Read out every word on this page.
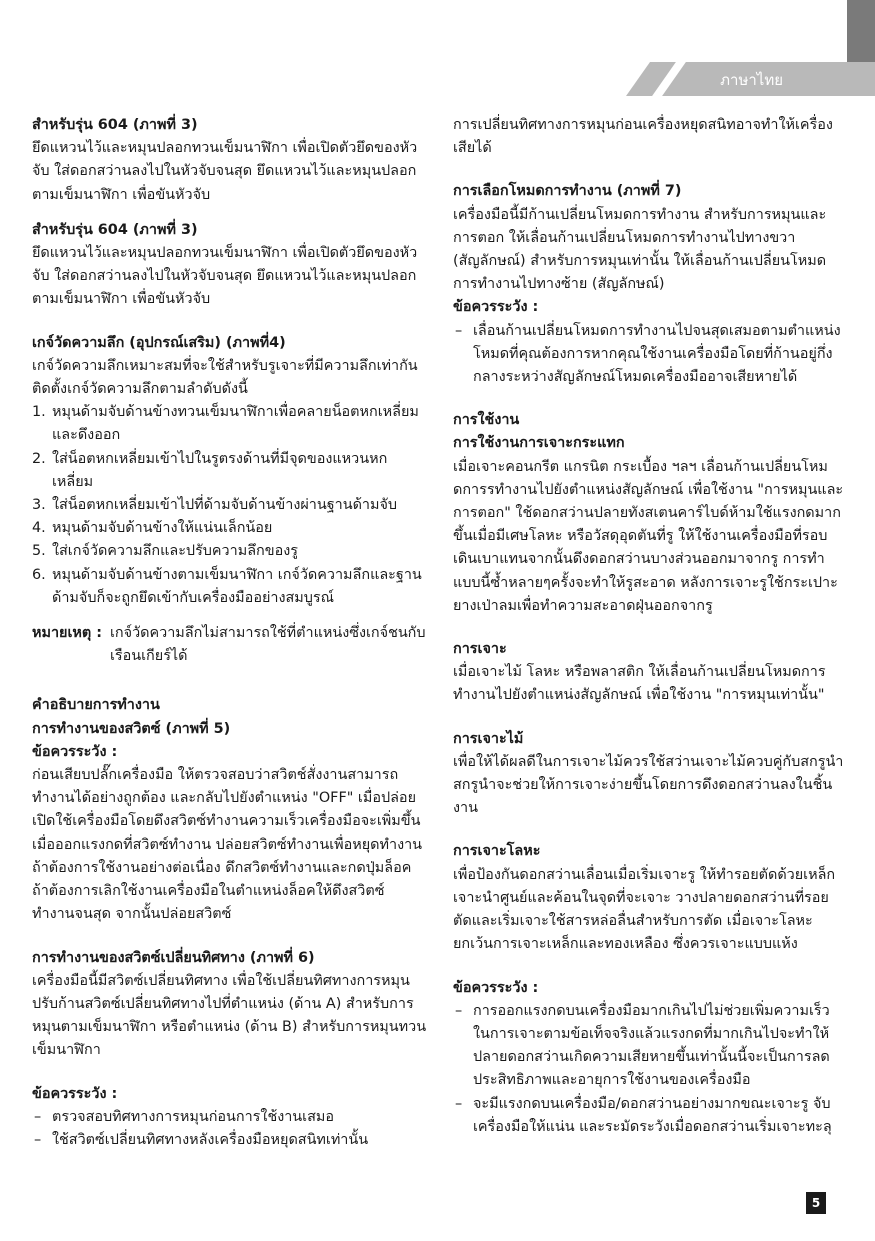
ภาษาไทย

สำหรับรุ่น 604 (ภาพที่ 3)

ยึดแหวนไว้และหมุนปลอกทวนเข็มนาฬิกา เพื่อเปิดตัวยึดของหัวจับ ใส่ดอกสว่านลงไปในหัวจับจนสุด ยึดแหวนไว้และหมุนปลอกตามเข็มนาฬิกา เพื่อขันหัวจับ

สำหรับรุ่น 604 (ภาพที่ 3)

ยึดแหวนไว้และหมุนปลอกทวนเข็มนาฬิกา เพื่อเปิดตัวยึดของหัวจับ ใส่ดอกสว่านลงไปในหัวจับจนสุด ยึดแหวนไว้และหมุนปลอกตามเข็มนาฬิกา เพื่อขันหัวจับ

เกจ์วัดความลึก (อุปกรณ์เสริม) (ภาพที่4)

เกจ์วัดความลึกเหมาะสมที่จะใช้สำหรับรูเจาะที่มีความลึกเท่ากัน ติดตั้งเกจ์วัดความลึกตามลำดับดังนี้

1. หมุนด้ามจับด้านข้างทวนเข็มนาฬิกาเพื่อคลายน็อตหกเหลี่ยมและดึงออก
2. ใส่น็อตหกเหลี่ยมเข้าไปในรูตรงด้านที่มีจุดของแหวนหกเหลี่ยม
3. ใส่น็อตหกเหลี่ยมเข้าไปที่ด้ามจับด้านข้างผ่านฐานด้ามจับ
4. หมุนด้ามจับด้านข้างให้แน่นเล็กน้อย
5. ใส่เกจ์วัดความลึกและปรับความลึกของรู
6. หมุนด้ามจับด้านข้างตามเข็มนาฬิกา เกจ์วัดความลึกและฐานด้ามจับก็จะถูกยึดเข้ากับเครื่องมืออย่างสมบูรณ์
หมายเหตุ : เกจ์วัดความลึกไม่สามารถใช้ที่ตำแหน่งซึ่งเกจ์ชนกับเรือนเกียร์ได้

คำอธิบายการทำงาน

การทำงานของสวิตซ์ (ภาพที่ 5)

ข้อควรระวัง :

ก่อนเสียบปลั๊กเครื่องมือ ให้ตรวจสอบว่าสวิตช์สั่งงานสามารถทำงานได้อย่างถูกต้อง และกลับไปยังตำแหน่ง "OFF" เมื่อปล่อย เปิดใช้เครื่องมือโดยดึงสวิตซ์ทำงานความเร็วเครื่องมือจะเพิ่มขึ้นเมื่อออกแรงกดที่สวิตซ์ทำงาน ปล่อยสวิตซ์ทำงานเพื่อหยุดทำงาน ถ้าต้องการใช้งานอย่างต่อเนื่อง ดึกสวิตซ์ทำงานและกดปุ่มล็อค ถ้าต้องการเลิกใช้งานเครื่องมือในตำแหน่งล็อคให้ดึงสวิตซ์ ทำงานจนสุด จากนั้นปล่อยสวิตซ์

การทำงานของสวิตซ์เปลี่ยนทิศทาง (ภาพที่ 6)

เครื่องมือนี้มีสวิตซ์เปลี่ยนทิศทาง เพื่อใช้เปลี่ยนทิศทางการหมุน ปรับก้านสวิตซ์เปลี่ยนทิศทางไปที่ตำแหน่ง (ด้าน A) สำหรับการหมุนตามเข็มนาฬิกา หรือตำแหน่ง (ด้าน B) สำหรับการหมุนทวนเข็มนาฬิกา

ข้อควรระวัง :

– ตรวจสอบทิศทางการหมุนก่อนการใช้งานเสมอ
– ใช้สวิตซ์เปลี่ยนทิศทางหลังเครื่องมือหยุดสนิทเท่านั้น

การเปลี่ยนทิศทางการหมุนก่อนเครื่องหยุดสนิทอาจทำให้เครื่องเสียได้

การเลือกโหมดการทำงาน (ภาพที่ 7)

เครื่องมือนี้มีก้านเปลี่ยนโหมดการทำงาน สำหรับการหมุนและการตอก ให้เลื่อนก้านเปลี่ยนโหมดการทำงานไปทางขวา (สัญลักษณ์) สำหรับการหมุนเท่านั้น ให้เลื่อนก้านเปลี่ยนโหมดการทำงานไปทางซ้าย (สัญลักษณ์)

ข้อควรระวัง :

– เลื่อนก้านเปลี่ยนโหมดการทำงานไปจนสุดเสมอตามตำแหน่ง โหมดที่คุณต้องการหากคุณใช้งานเครื่องมือโดยที่ก้านอยู่กึ่ง กลางระหว่างสัญลักษณ์โหมดเครื่องมืออาจเสียหายได้

การใช้งาน

การใช้งานการเจาะกระแทก

เมื่อเจาะคอนกรีต แกรนิต กระเบื้อง ฯลฯ เลื่อนก้านเปลี่ยนโหมดการรทำงานไปยังตำแหน่งสัญลักษณ์ เพื่อใช้งาน "การหมุนและการตอก" ใช้ดอกสว่านปลายทังสเตนคาร์ไบด์ห้ามใช้แรงกดมากขึ้นเมื่อมีเศษโลหะ หรือวัสดุอุดตันที่รู ให้ใช้งานเครื่องมือที่รอบเดินเบาแทนจากนั้นดึงดอกสว่านบางส่วนออกมาจากรู การทำแบบนี้ซ้ำหลายๆครั้งจะทำให้รูสะอาด หลังการเจาะรูใช้กระเปาะยางเป่าลมเพื่อทำความสะอาดฝุ่นออกจากรู

การเจาะ

เมื่อเจาะไม้ โลหะ หรือพลาสติก ให้เลื่อนก้านเปลี่ยนโหมดการทำงานไปยังตำแหน่งสัญลักษณ์ เพื่อใช้งาน "การหมุนเท่านั้น"

การเจาะไม้

เพื่อให้ได้ผลดีในการเจาะไม้ควรใช้สว่านเจาะไม้ควบคู่กับสกรูนำ สกรูนำจะช่วยให้การเจาะง่ายขึ้นโดยการดึงดอกสว่านลงในชิ้นงาน

การเจาะโลหะ

เพื่อป้องกันดอกสว่านเลื่อนเมื่อเริ่มเจาะรู ให้ทำรอยตัดด้วยเหล็กเจาะนำศูนย์และค้อนในจุดที่จะเจาะ วางปลายดอกสว่านที่รอยตัดและเริ่มเจาะใช้สารหล่อลื่นสำหรับการตัด เมื่อเจาะโลหะ ยกเว้นการเจาะเหล็กและทองเหลือง ซึ่งควรเจาะแบบแห้ง

ข้อควรระวัง :

– การออกแรงกดบนเครื่องมือมากเกินไปไม่ช่วยเพิ่มความเร็วในการเจาะตามข้อเท็จจริงแล้วแรงกดที่มากเกินไปจะทำให้ปลายดอกสว่านเกิดความเสียหายขึ้นเท่านั้นนี้จะเป็นการลดประสิทธิภาพและอายุการใช้งานของเครื่องมือ
– จะมีแรงกดบนเครื่องมือ/ดอกสว่านอย่างมากขณะเจาะรู จับเครื่องมือให้แน่น และระมัดระวังเมื่อดอกสว่านเริ่มเจาะทะลุ
5
